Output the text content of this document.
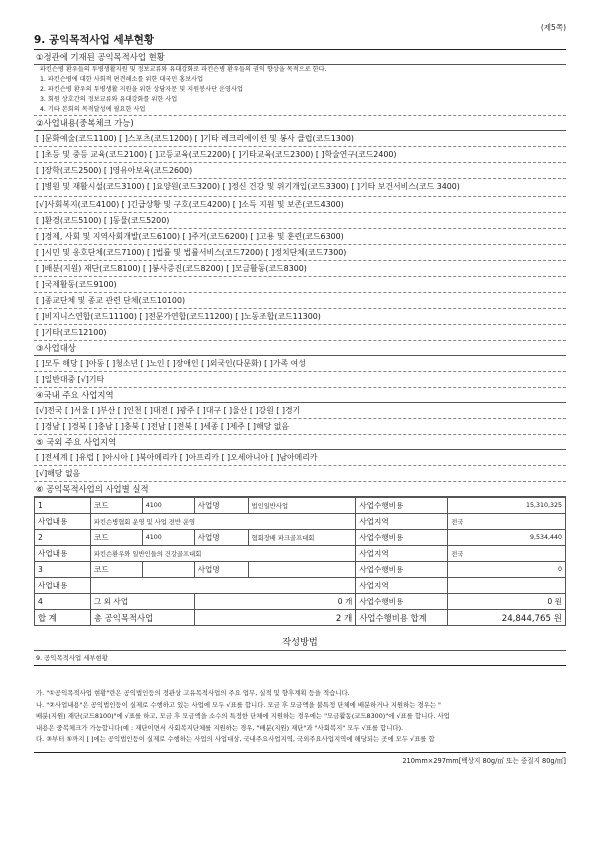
(제5쪽)
9. 공익목적사업 세부현황
①정관에 기재된 공익목적사업 현황
파킨슨병 환우들의 투병생활지원 및 정보교류와 유대강화로 파킨슨병 환우들의 권익 향상을 목적으로 한다.
1. 파킨슨병에 대한 사회적 편견해소를 위한 대국민 홍보사업
2. 파킨슨병 환우의 투병생활 지원을 위한 상담자문 및 지원봉사단 운영사업
3. 회원 상호간의 정보교류와 유대강화를 위한 사업
4. 기타 본회의 목적달성에 필요한 사업
②사업내용(중복체크 가능)
[ ]문화예술(코드1100) [ ]스포츠(코드1200) [ ]기타 레크리에이션 및 봉사 클럽(코드1300)
[ ]초등 및 중등 교육(코드2100) [ ]고등교육(코드2200) [ ]기타교육(코드2300) [ ]학술연구(코드2400)
[ ]장학(코드2500) [ ]영유아보육(코드2600)
[ ]병원 및 재활시설(코드3100) [ ]요양원(코드3200) [ ]정신 건강 및 위기개입(코드3300) [ ]기타 보건서비스(코드 3400)
[√]사회복지(코드4100) [ ]긴급상황 및 구호(코드4200) [ ]소득 지원 및 보존(코드4300)
[ ]환경(코드5100) [ ]동물(코드5200)
[ ]경제, 사회 및 지역사회개발(코드6100) [ ]주거(코드6200) [ ]고용 및 훈련(코드6300)
[ ]시민 및 옹호단체(코드7100) [ ]법률 및 법률서비스(코드7200) [ ]정치단체(코드7300)
[ ]배분(지원) 재단(코드8100) [ ]봉사증진(코드8200) [ ]모금활동(코드8300)
[ ]국제활동(코드9100)
[ ]종교단체 및 종교 관련 단체(코드10100)
[ ]비지니스연합(코드11100) [ ]전문가연합(코드11200) [ ]노동조합(코드11300)
[ ]기타(코드12100)
③사업대상
[ ]모두 해당 [ ]아동 [ ]청소년 [ ]노인 [ ]장애인 [ ]외국인(다문화) [ ]가족 여성
[ ]일반대중 [√]기타
④국내 주요 사업지역
[√]전국 [ ]서울 [ ]부산 [ ]인천 [ ]대전 [ ]광주 [ ]대구 [ ]울산 [ ]강원 [ ]경기
[ ]경남 [ ]경북 [ ]충남 [ ]충북 [ ]전남 [ ]전북 [ ]세종 [ ]제주 [ ]해당 없음
⑤ 국외 주요 사업지역
[ ]전세계 [ ]유럽 [ ]아시아 [ ]북아메리카 [ ]아프리카 [ ]오세아니아 [ ]남아메리카
[√]해당 없음
⑥ 공익목적사업의 사업별 실적
1	코드	4100	사업명	법인일반사업	사업수행비용	15,310,325
사업내용	파킨슨병협회 운영 및 사업 전반 운영				사업지역	전국
2	코드	4100	사업명	협회장배 파크골프대회	사업수행비용	9,534,440
사업내용	파킨슨환우와 일반인들의 건강골프대회				사업지역	전국
3	코드		사업명		사업수행비용	0
사업내용					사업지역	
4	그 외 사업		0 개		사업수행비용	0 원
합 계	총 공익목적사업		2 개		사업수행비용 합계	24,844,765 원
작성방법
9. 공익목적사업 세부현황
가. "①공익목적사업 현황"란은 공익법인등의 정관상 고유목적사업의 주요 업무, 실적 및 향후계획 등을 적습니다.
나. "②사업내용"은 공익법인등이 실제로 수행하고 있는 사업에 모두 √표를 합니다. 모금 후 모금액을 불특정 단체에 배분하거나 지원하는 경우는 "
배분(지원) 재단(코드8100)"에 √표를 하고, 모금 후 모금액을 소수의 특정한 단체에 지원하는 경우에는 "모금활동(코드8300)"에 √표를 합니다. 사업
내용은 중복체크가 가능합니다(예 : 재단이면서 사회복지단체를 지원하는 경우, "배분(지원) 재단"과 "사회복지" 모두 √표를 합니다).
다. ③부터 ⑤까지 [ ]에는 공익법인등이 실제로 수행하는 사업의 사업대상, 국내주요사업지역, 국외주요사업지역에 해당되는 곳에 모두 √표를 합
210mm×297mm[백상지 80g/㎡ 또는 중질지 80g/㎡]
